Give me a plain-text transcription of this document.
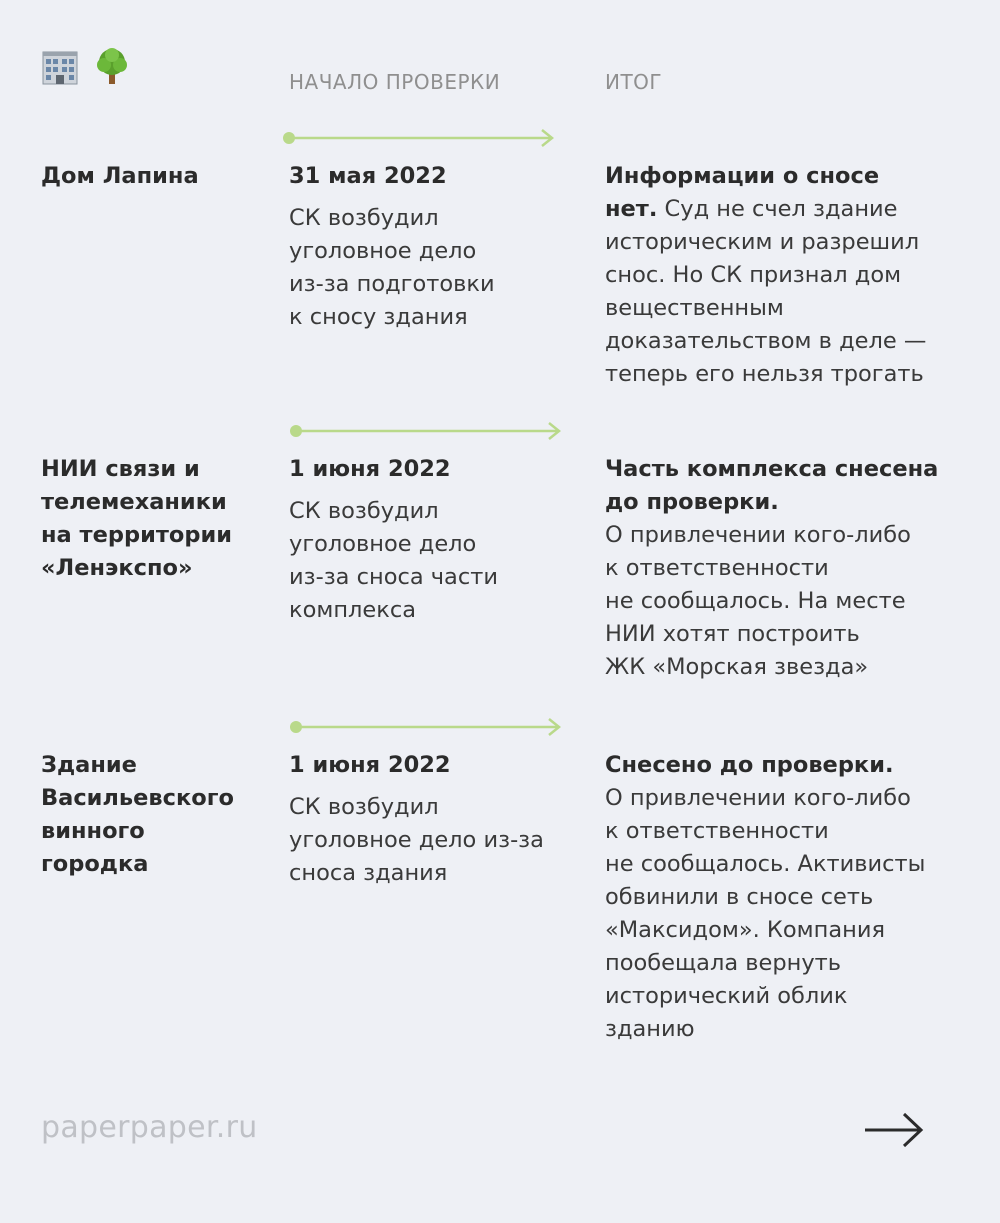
НАЧАЛО ПРОВЕРКИ	ИТОГ
Дом Лапина	31 мая 2022
СК возбудил
уголовное дело
из-за подготовки
к сносу здания
Информации о сносе
нет. Суд не счел здание
историческим и разрешил
снос. Но СК признал дом
вещественным
доказательством в деле —
теперь его нельзя трогать
НИИ связи и
телемеханики
на территории
«Ленэкспо»
1 июня 2022
СК возбудил
уголовное дело
из-за сноса части
комплекса
Часть комплекса снесена
до проверки.
О привлечении кого-либо
к ответственности
не сообщалось. На месте
НИИ хотят построить
ЖК «Морская звезда»
Здание
Васильевского
винного
городка
1 июня 2022
СК возбудил
уголовное дело из-за
сноса здания
Снесено до проверки.
О привлечении кого-либо
к ответственности
не сообщалось. Активисты
обвинили в сносе сеть
«Максидом». Компания
пообещала вернуть
исторический облик
зданию
paperpaper.ru
